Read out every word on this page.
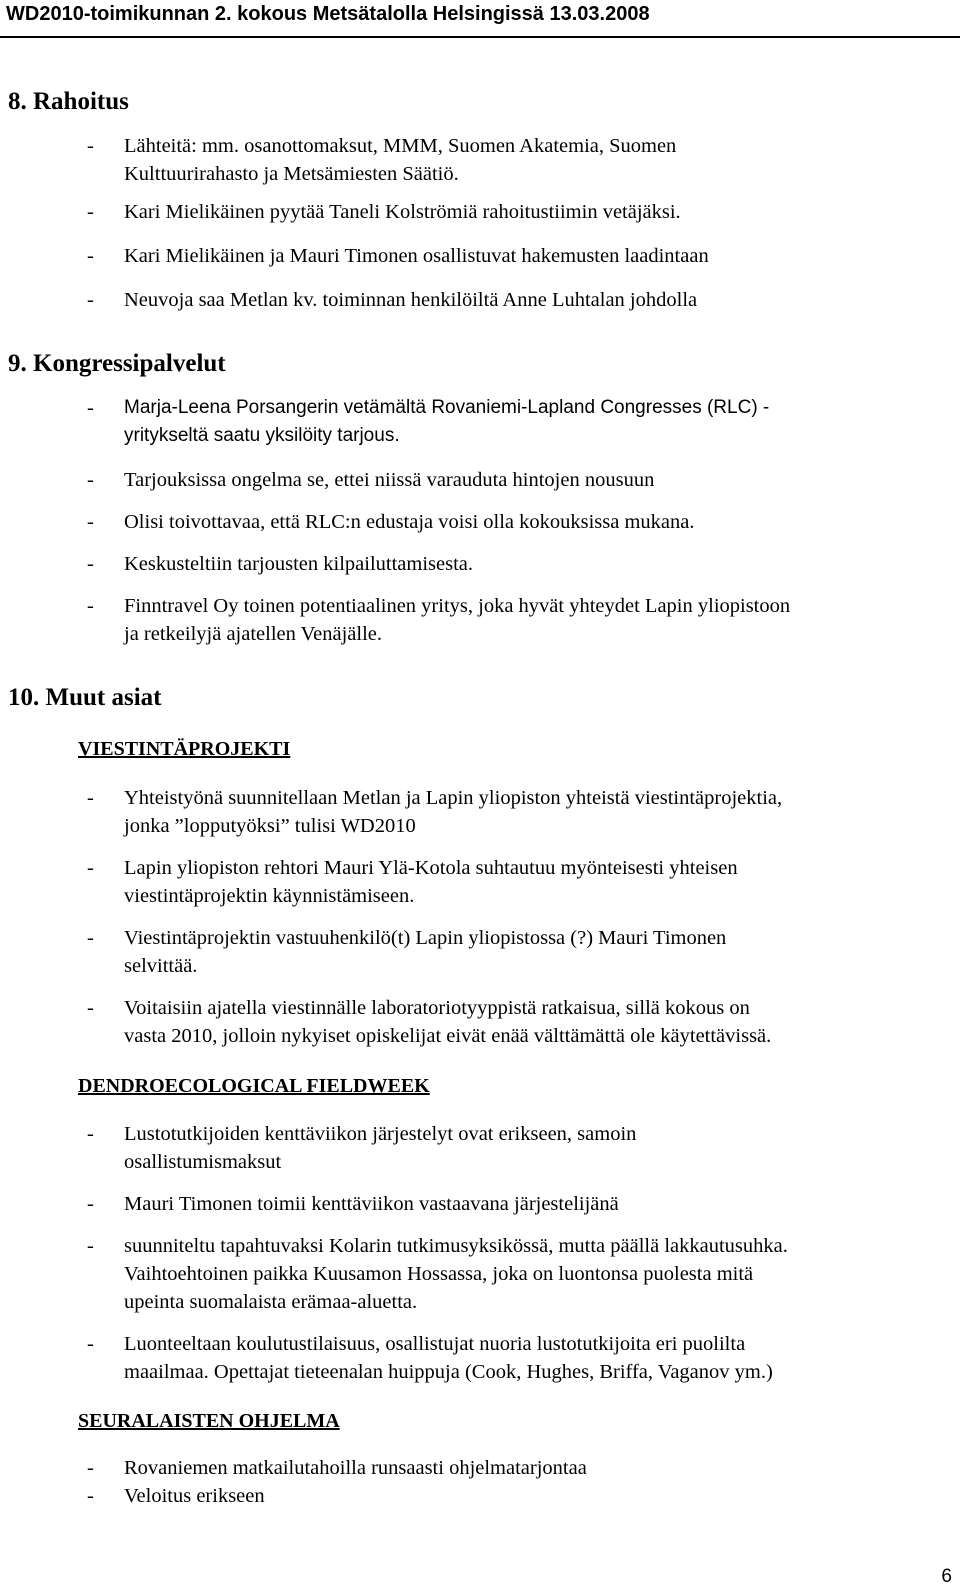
WD2010-toimikunnan 2. kokous Metsätalolla Helsingissä 13.03.2008
8. Rahoitus
- Lähteitä: mm. osanottomaksut, MMM, Suomen Akatemia, Suomen
Kulttuurirahasto ja Metsämiesten Säätiö.
- Kari Mielikäinen pyytää Taneli Kolströmiä rahoitustiimin vetäjäksi.
- Kari Mielikäinen ja Mauri Timonen osallistuvat hakemusten laadintaan
- Neuvoja saa Metlan kv. toiminnan henkilöiltä Anne Luhtalan johdolla
9. Kongressipalvelut
- Marja-Leena Porsangerin vetämältä Rovaniemi-Lapland Congresses (RLC) -
yritykseltä saatu yksilöity tarjous.
- Tarjouksissa ongelma se, ettei niissä varauduta hintojen nousuun
- Olisi toivottavaa, että RLC:n edustaja voisi olla kokouksissa mukana.
- Keskusteltiin tarjousten kilpailuttamisesta.
- Finntravel Oy toinen potentiaalinen yritys, joka hyvät yhteydet Lapin yliopistoon
ja retkeilyjä ajatellen Venäjälle.
10. Muut asiat
VIESTINTÄPROJEKTI
- Yhteistyönä suunnitellaan Metlan ja Lapin yliopiston yhteistä viestintäprojektia,
jonka ”lopputyöksi” tulisi WD2010
- Lapin yliopiston rehtori Mauri Ylä-Kotola suhtautuu myönteisesti yhteisen
viestintäprojektin käynnistämiseen.
- Viestintäprojektin vastuuhenkilö(t) Lapin yliopistossa (?) Mauri Timonen
selvittää.
- Voitaisiin ajatella viestinnälle laboratoriotyyppistä ratkaisua, sillä kokous on
vasta 2010, jolloin nykyiset opiskelijat eivät enää välttämättä ole käytettävissä.
DENDROECOLOGICAL FIELDWEEK
- Lustotutkijoiden kenttäviikon järjestelyt ovat erikseen, samoin
osallistumismaksut
- Mauri Timonen toimii kenttäviikon vastaavana järjestelijänä
- suunniteltu tapahtuvaksi Kolarin tutkimusyksikössä, mutta päällä lakkautusuhka.
Vaihtoehtoinen paikka Kuusamon Hossassa, joka on luontonsa puolesta mitä
upeinta suomalaista erämaa-aluetta.
- Luonteeltaan koulutustilaisuus, osallistujat nuoria lustotutkijoita eri puolilta
maailmaa. Opettajat tieteenalan huippuja (Cook, Hughes, Briffa, Vaganov ym.)
SEURALAISTEN OHJELMA
- Rovaniemen matkailutahoilla runsaasti ohjelmatarjontaa
- Veloitus erikseen
6
